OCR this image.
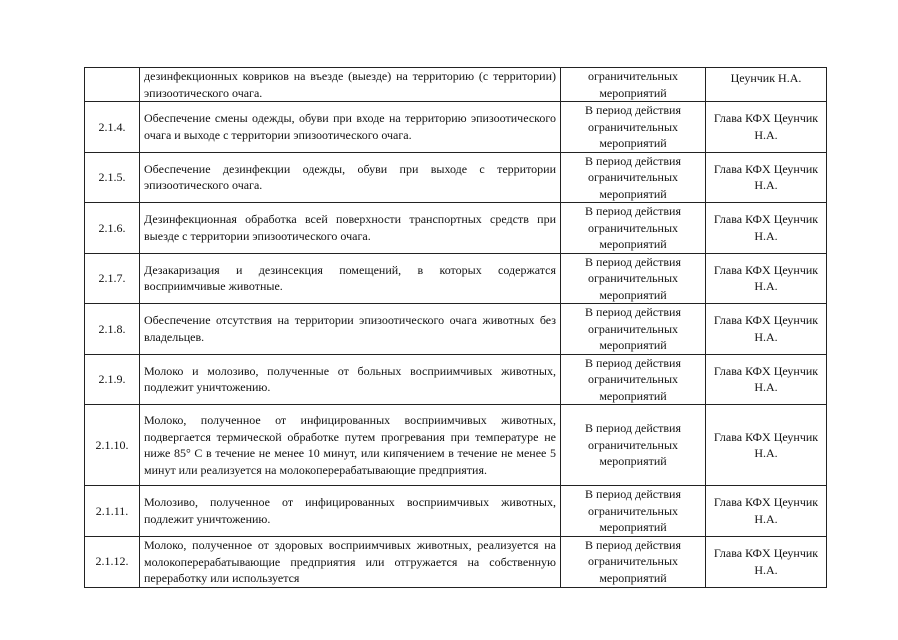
	дезинфекционных ковриков на въезде (выезде) на территорию (с территории) эпизоотического очага.	ограничительных мероприятий	Цеунчик Н.А.
2.1.4.	Обеспечение смены одежды, обуви при входе на территорию эпизоотического очага и выходе с территории эпизоотического очага.	В период действия ограничительных мероприятий	Глава КФХ Цеунчик Н.А.
2.1.5.	Обеспечение дезинфекции одежды, обуви при выходе с территории эпизоотического очага.	В период действия ограничительных мероприятий	Глава КФХ Цеунчик Н.А.
2.1.6.	Дезинфекционная обработка всей поверхности транспортных средств при выезде с территории эпизоотического очага.	В период действия ограничительных мероприятий	Глава КФХ Цеунчик Н.А.
2.1.7.	Дезакаризация и дезинсекция помещений, в которых содержатся восприимчивые животные.	В период действия ограничительных мероприятий	Глава КФХ Цеунчик Н.А.
2.1.8.	Обеспечение отсутствия на территории эпизоотического очага животных без владельцев.	В период действия ограничительных мероприятий	Глава КФХ Цеунчик Н.А.
2.1.9.	Молоко и молозиво, полученные от больных восприимчивых животных, подлежит уничтожению.	В период действия ограничительных мероприятий	Глава КФХ Цеунчик Н.А.
2.1.10.	Молоко, полученное от инфицированных восприимчивых животных, подвергается термической обработке путем прогревания при температуре не ниже 85° С в течение не менее 10 минут, или кипячением в течение не менее 5 минут или реализуется на молокоперерабатывающие предприятия.	В период действия ограничительных мероприятий	Глава КФХ Цеунчик Н.А.
2.1.11.	Молозиво, полученное от инфицированных восприимчивых животных, подлежит уничтожению.	В период действия ограничительных мероприятий	Глава КФХ Цеунчик Н.А.
2.1.12.	Молоко, полученное от здоровых восприимчивых животных, реализуется на молокоперерабатывающие предприятия или отгружается на собственную переработку или используется	В период действия ограничительных мероприятий	Глава КФХ Цеунчик Н.А.
